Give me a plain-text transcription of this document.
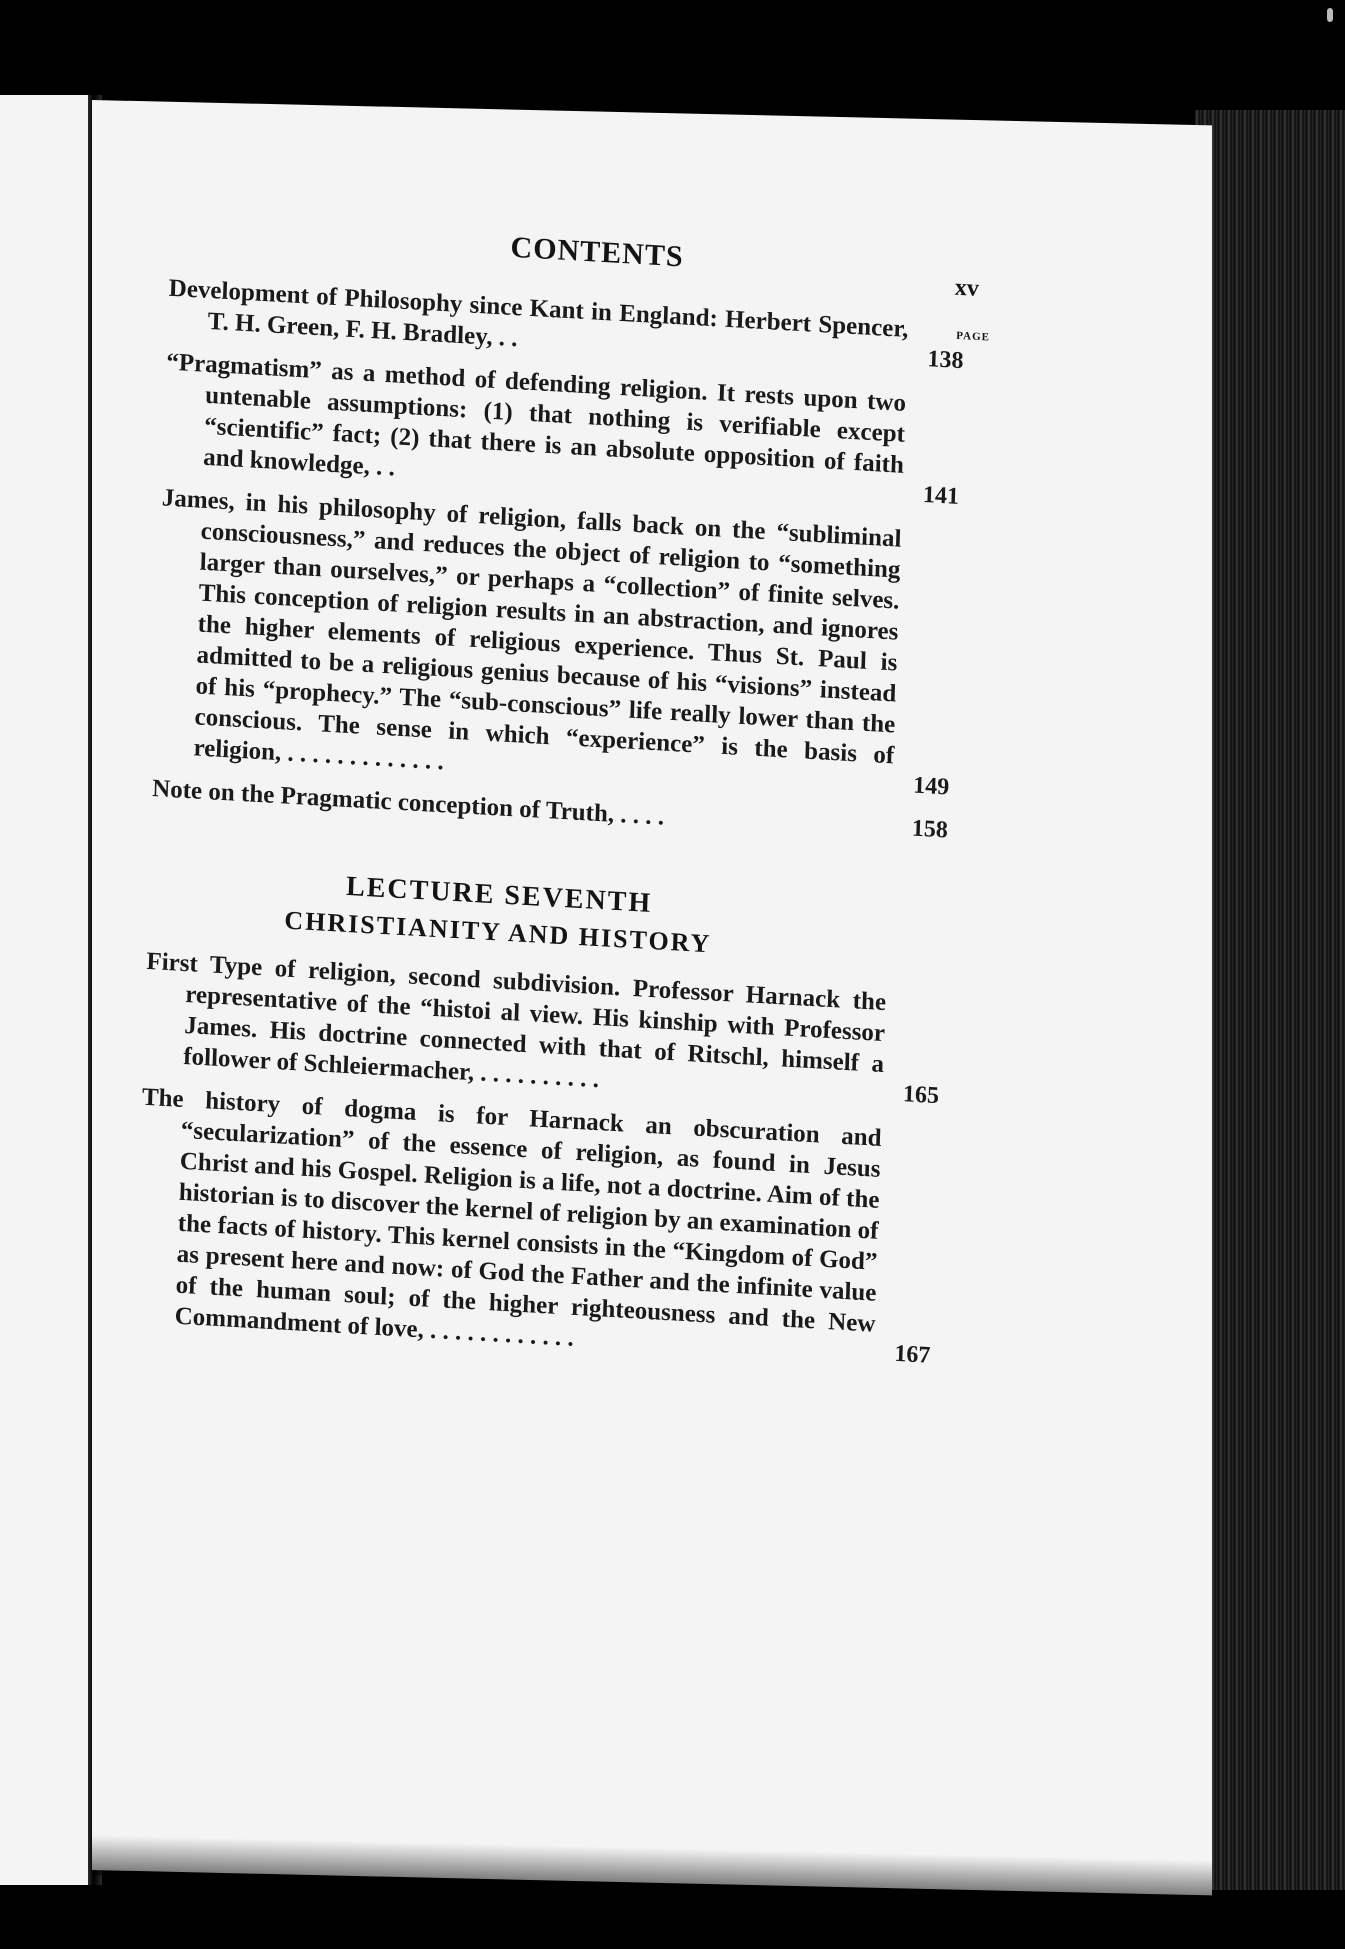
CONTENTS
xv
PAGE
Development of Philosophy since Kant in England: Herbert Spencer, T. H. Green, F. H. Bradley, . .
138
“Pragmatism” as a method of defending religion. It rests upon two untenable assumptions: (1) that nothing is verifiable except “scientific” fact; (2) that there is an absolute opposition of faith and knowledge, . .
141
James, in his philosophy of religion, falls back on the “subliminal consciousness,” and reduces the object of religion to “something larger than ourselves,” or perhaps a “collection” of finite selves. This conception of religion results in an abstraction, and ignores the higher elements of religious experience. Thus St. Paul is admitted to be a religious genius because of his “visions” instead of his “prophecy.” The “sub-conscious” life really lower than the conscious. The sense in which “experience” is the basis of religion, . . . . . . . . . . . . .
149
Note on the Pragmatic conception of Truth, . . . .	158
LECTURE SEVENTH
CHRISTIANITY AND HISTORY
First Type of religion, second subdivision. Professor Harnack the representative of the “histoi al view. His kinship with Professor James. His doctrine connected with that of Ritschl, himself a follower of Schleiermacher, . . . . . . . . . .
165
The history of dogma is for Harnack an obscuration and “secularization” of the essence of religion, as found in Jesus Christ and his Gospel. Religion is a life, not a doctrine. Aim of the historian is to discover the kernel of religion by an examination of the facts of history. This kernel consists in the “Kingdom of God” as present here and now: of God the Father and the infinite value of the human soul; of the higher righteousness and the New Commandment of love, . . . . . . . . . . . .
167
